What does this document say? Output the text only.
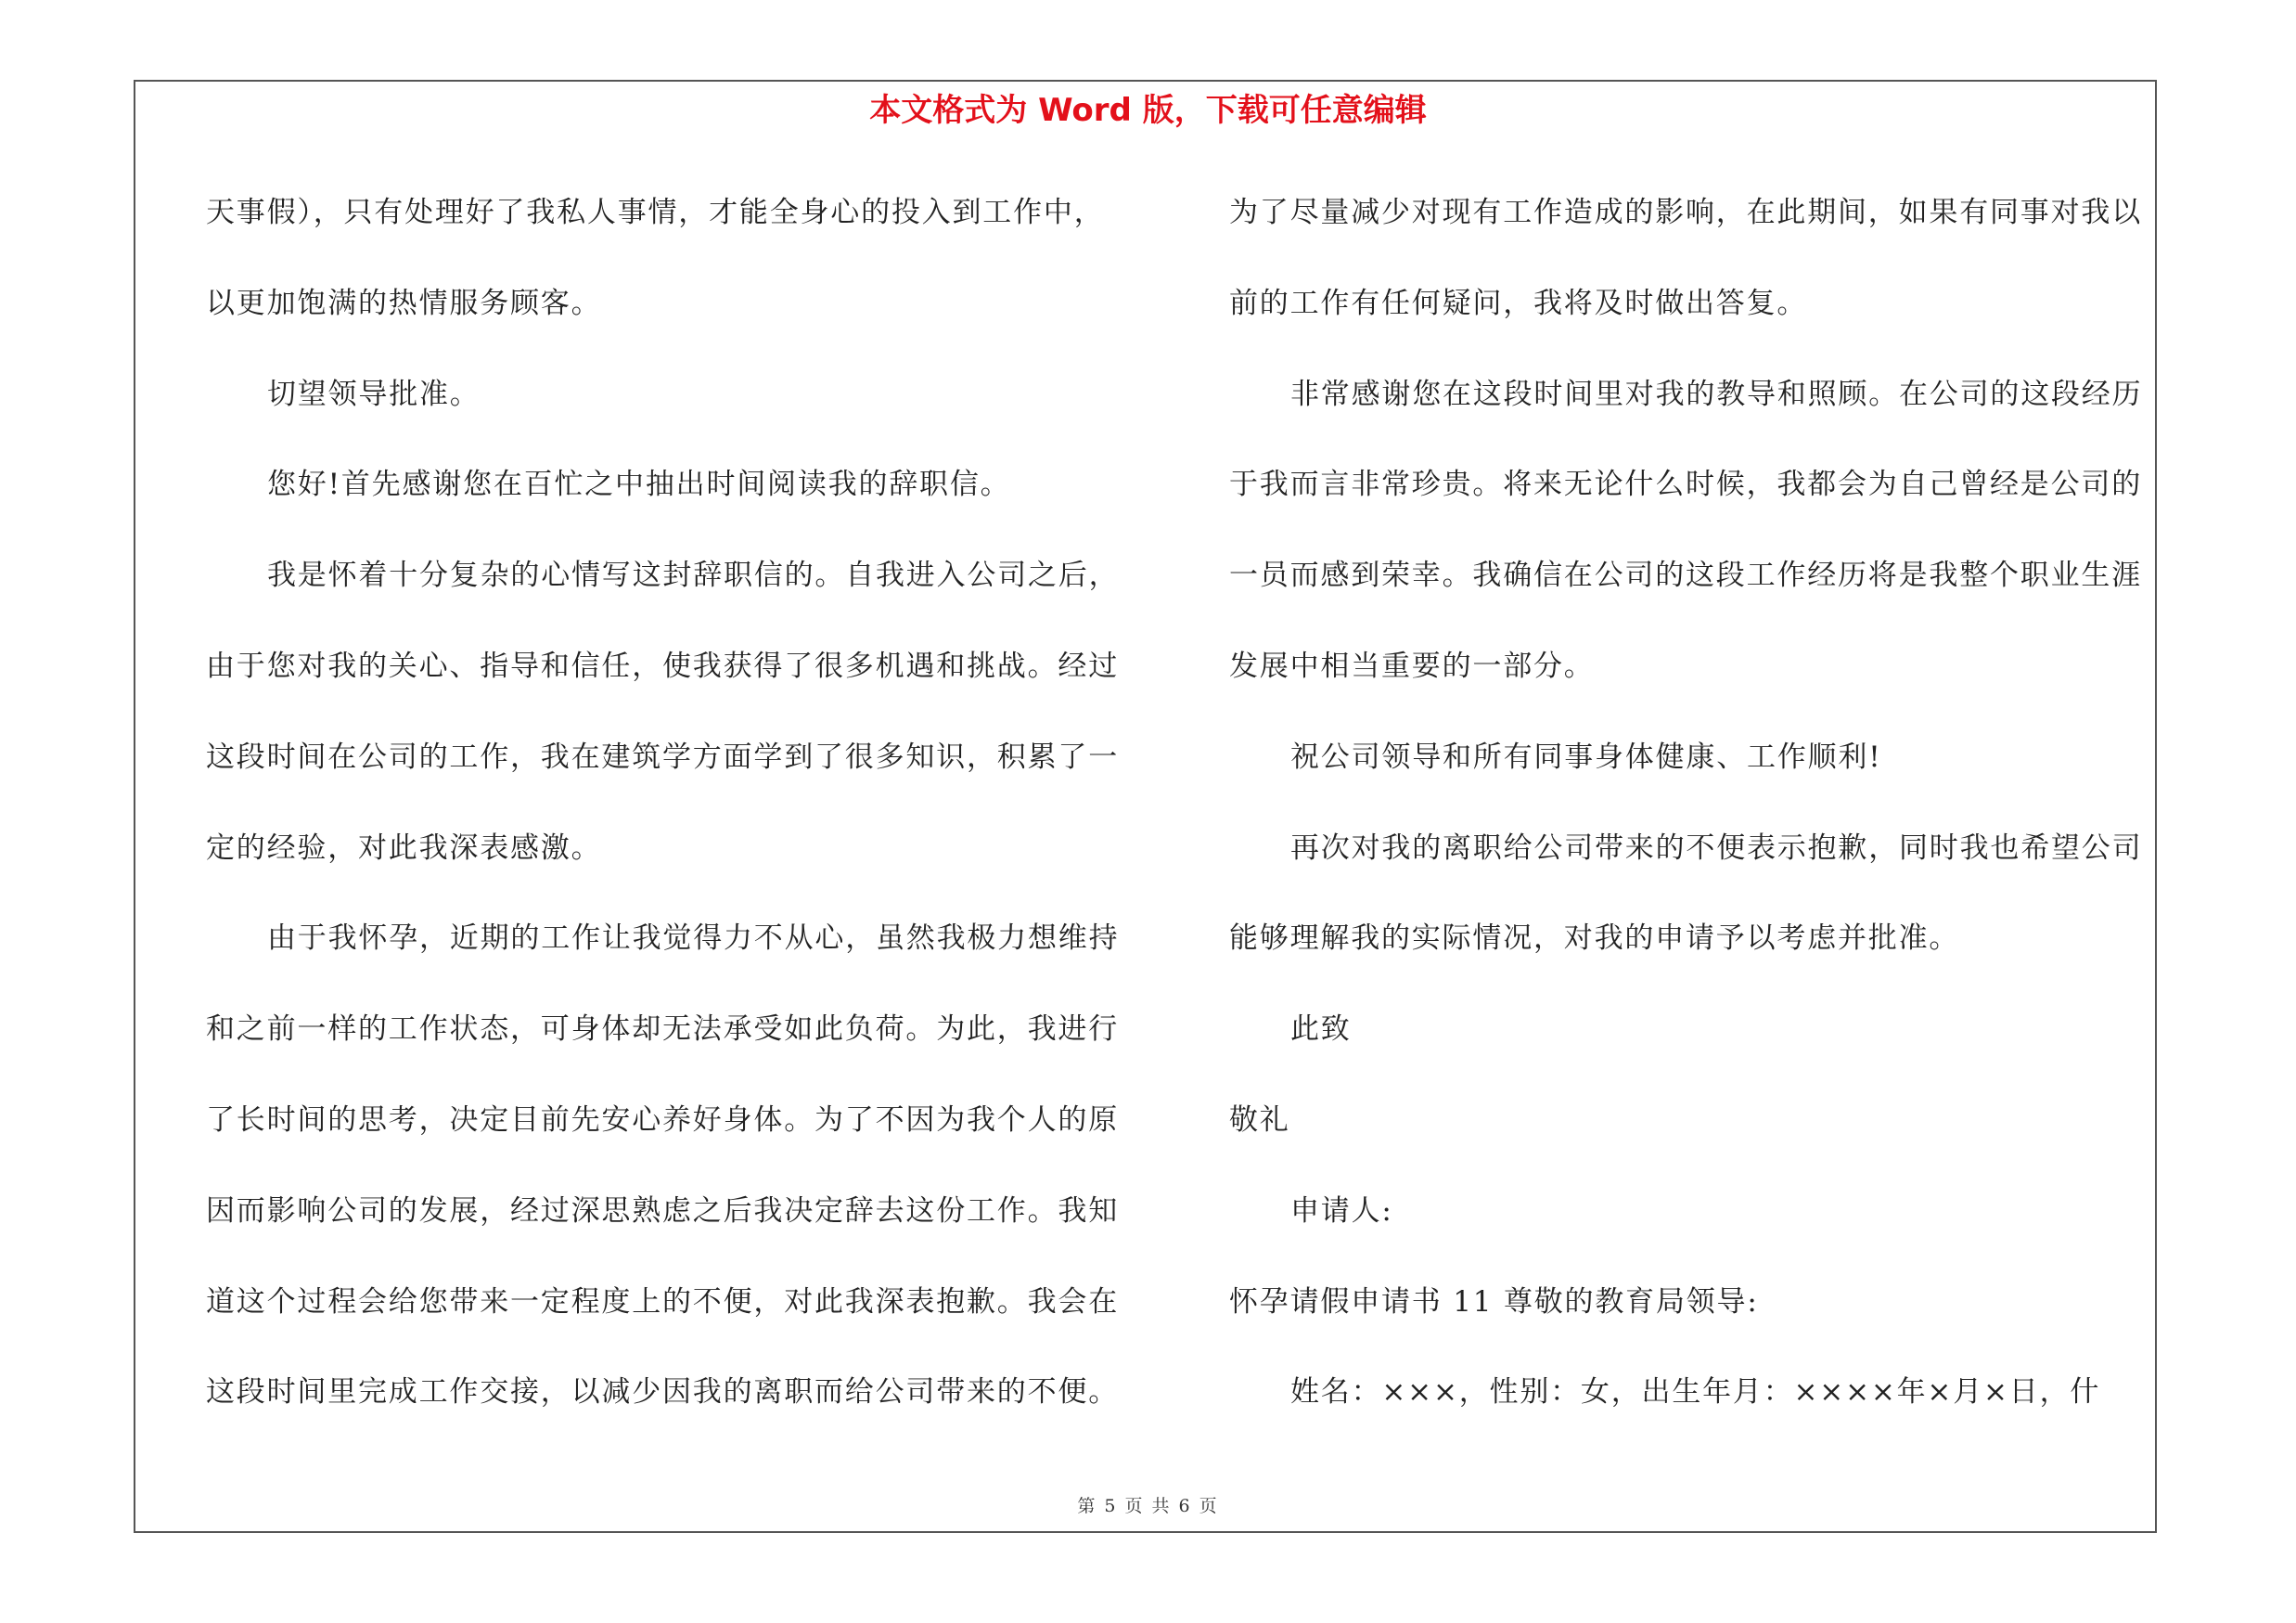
本文格式为 Word 版，下载可任意编辑
天事假），只有处理好了我私人事情，才能全身心的投入到工作中，
以更加饱满的热情服务顾客。
切望领导批准。
您好!首先感谢您在百忙之中抽出时间阅读我的辞职信。
我是怀着十分复杂的心情写这封辞职信的。自我进入公司之后，
由于您对我的关心、指导和信任，使我获得了很多机遇和挑战。经过
这段时间在公司的工作，我在建筑学方面学到了很多知识，积累了一
定的经验，对此我深表感激。
由于我怀孕，近期的工作让我觉得力不从心，虽然我极力想维持
和之前一样的工作状态，可身体却无法承受如此负荷。为此，我进行
了长时间的思考，决定目前先安心养好身体。为了不因为我个人的原
因而影响公司的发展，经过深思熟虑之后我决定辞去这份工作。我知
道这个过程会给您带来一定程度上的不便，对此我深表抱歉。我会在
这段时间里完成工作交接，以减少因我的离职而给公司带来的不便。
为了尽量减少对现有工作造成的影响，在此期间，如果有同事对我以
前的工作有任何疑问，我将及时做出答复。
非常感谢您在这段时间里对我的教导和照顾。在公司的这段经历
于我而言非常珍贵。将来无论什么时候，我都会为自己曾经是公司的
一员而感到荣幸。我确信在公司的这段工作经历将是我整个职业生涯
发展中相当重要的一部分。
祝公司领导和所有同事身体健康、工作顺利!
再次对我的离职给公司带来的不便表示抱歉，同时我也希望公司
能够理解我的实际情况，对我的申请予以考虑并批准。
此致
敬礼
申请人:
怀孕请假申请书 11 尊敬的教育局领导:
姓名：×××，性别：女，出生年月：××××年×月×日，什
第 5 页 共 6 页
